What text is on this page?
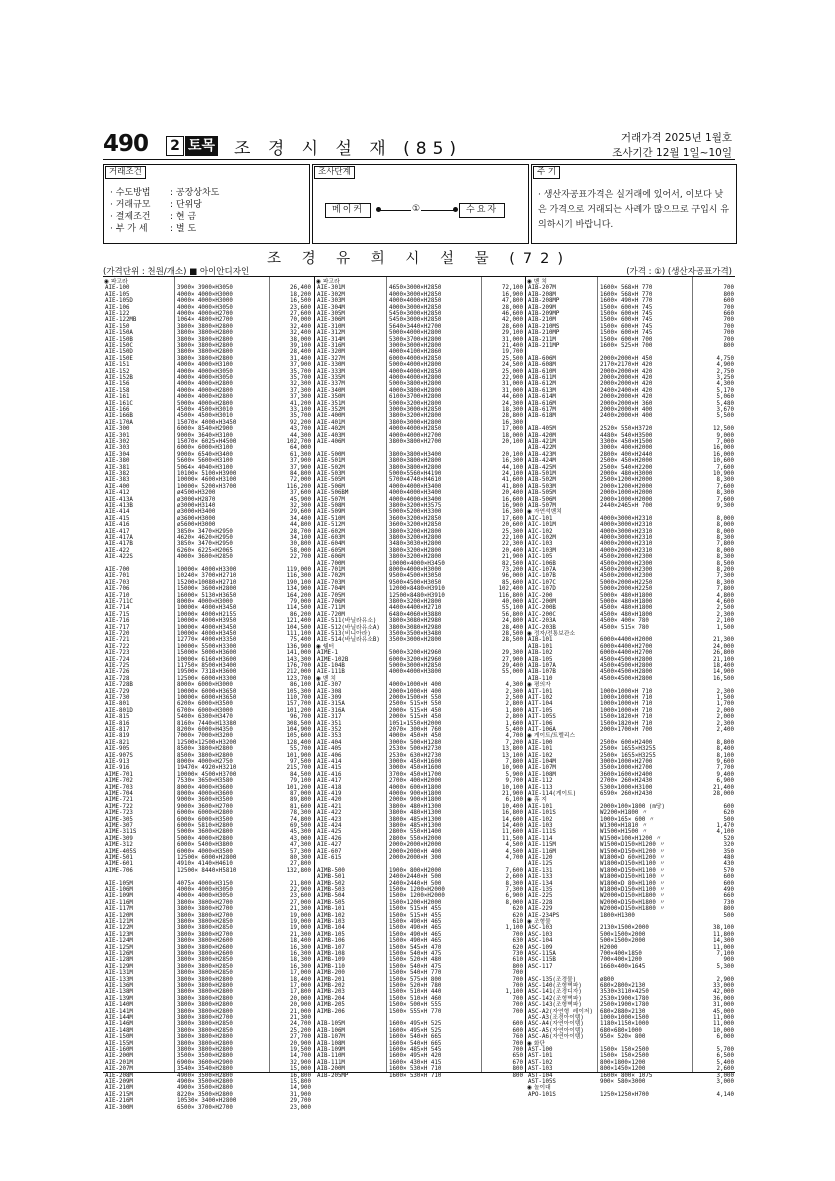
490 2 토목 조 경 시 설 재 (85)
거래가격 2025년 1월호
조사기간 12월 1일~10일
거래조건
· 수도방법 : 공장상차도
· 거래규모 : 단위당
· 결제조건 : 현 금
· 부 가 세 : 별 도
조사단계
메이커	①	수요자
주 기
· 생산자공표가격은 실거래에 있어서, 이보다 낮은 가격으로 거래되는 사례가 많으므로 구입시 유의하시기 바랍니다.
조 경 유 희 시 설 물 (72)
(가격단위 : 천원/개소) ■ 아이안디자인	(가격 : ①) (생산자공표가격)
◉ 파고라
AIE-100	3900× 3900×H3050	26,400
AIE-105	4000× 4000×H3000	18,200
AIE-105D	4000× 4000×H3000	16,500
AIE-106	4000× 4000×H3050	23,600
AIE-122	4000× 4000×H2700	27,600
AIE-122MB	1064× 4800×H2700	70,000
AIE-150	3800× 3800×H2800	32,400
AIE-150A	3800× 3800×H2800	32,400
AIE-150B	3800× 3800×H2800	38,000
AIE-150C	3800× 3800×H2800	39,100
AIE-150D	3800× 3800×H2800	28,400
AIE-150E	3800× 3800×H2800	31,400
AIE-151	4000× 4000×H3100	37,900
AIE-152	4000× 4000×H3050	35,700
AIE-152B	4000× 4000×H3050	35,700
AIE-156	4000× 4000×H2800	32,300
AIE-158	4000× 4000×H2800	37,300
AIE-161	4000× 4000×H2800	37,300
AIE-161C	5000× 4000×H2800	41,200
AIE-166	4500× 4500×H3010	33,100
AIE-166B	4500× 4500×H3010	35,700
AIE-170A	15070× 4000×H3450	92,200
AIE-300	6000× 8540×H2900	43,700
AIE-301	9000× 3640×H3100	44,300
AIE-302	15070× 6025×H4500	102,700
AIE-303	6000× 6000×H3100	64,000
AIE-304	9000× 6540×H3400	61,300
AIE-380	5600× 5600×H3100	37,900
AIE-381	5064× 4040×H3100	37,900
AIE-382	10100× 5100×H3900	84,800
AIE-383	10000× 4600×H3100	72,000
AIE-400	10000× 5200×H3700	116,200
AIE-412	ø4500×H3200	37,600
AIE-413A	ø3000×H2870	45,900
AIE-413B	ø3000×H3140	32,300
AIE-414	ø3000×H3400	29,600
AIE-415	ø3600×H3000	34,400
AIE-416	ø5600×H3000	44,800
AIE-417	3850× 3470×H2950	28,700
AIE-417A	4620× 4620×H2950	34,100
AIE-417B	3850× 3470×H2950	30,800
AIE-422	6260× 6225×H2065	58,000
AIE-422S	4000× 3600×H2850	22,700
AIE-700	10000× 4000×H3300	119,000
AIE-701	10240× 3700×H2710	116,300
AIE-703	15200×10080×H2710	190,100
AIE-706	15000× 3600×H2800	134,900
AIE-710	16000× 5130×H3650	164,200
AIE-711C	8000× 4000×H3000	79,000
AIE-714	10000× 4000×H3450	114,500
AIE-715	10000× 4000×H2155	86,200
AIE-716	10000× 4000×H3950	121,400
AIE-717	10000× 4000×H3450	104,500
AIE-720	10000× 4000×H3450	111,100
AIE-721	12770× 4000×H3350	75,400
AIE-722	10000× 5500×H3300	136,900
AIE-723	15000× 5000×H3600	141,000
AIE-724	10000× 6160×H3600	143,300
AIE-725	11750× 8500×H3400	176,700
AIE-726	19500× 7318×H3600	212,000
AIE-728	12500× 6000×H3300	123,700
AIE-728B	8000× 6000×H3000	86,100
AIE-729	10000× 6000×H3650	105,300
AIE-730	10000× 6000×H3650	110,700
AIE-801	6200× 6000×H3500	157,700
AIE-801D	6700× 6000×H3000	101,200
AIE-815	5400× 6300×H3470	96,700
AIE-816	8160× 7440×H13380	308,500
AIE-817	8200× 6000×H4350	104,900
AIE-819	7000× 7000×H3200	105,600
AIE-821	12500×12500×H3200	128,400
AIE-905	8500× 3800×H2800	55,700
AIE-907S	8500× 3800×H2800	101,900
AIE-913	8000× 4000×H2750	97,500
AIE-916	19470× 4920×H3210	215,700
AIME-701	10000× 4500×H3700	84,500
AIME-702	7530× 3650×H3580	79,100
AIME-703	8000× 4000×H3600	101,200
AIME-704	8000× 4000×H3600	87,000
AIME-721	9000× 3600×H3500	89,800
AIME-722	9000× 3600×H2700	81,600
AIME-723	6000× 6000×H2800	78,300
AIME-305	6000× 6000×H3500	74,800
AIME-307	6000× 5810×H2800	69,500
AIME-311S	5000× 3600×H2800	45,300
AIME-309	5000× 4000×H2800	43,000
AIME-312	6000× 5400×H3800	47,300
AIME-405S	6000× 4000×H3500	57,300
AIME-501	12500× 6000×H2800	80,300
AIME-601	4910× 4140×H4610	27,800
AIME-706	12500× 8440×H5810	132,800
AIE-105M	4075× 4000×H3150	21,800
AIE-106M	4000× 4000×H3050	22,900
AIE-109M	4000× 4000×H3050	23,600
AIE-116M	3800× 3800×H2700	27,000
AIE-117M	3800× 3800×H2700	21,300
AIE-120M	3800× 3800×H2700	19,000
AIE-121M	3800× 3800×H2850	19,000
AIE-122M	3800× 3800×H2850	19,000
AIE-123M	3800× 3800×H2700	21,300
AIE-124M	3800× 3800×H2600	18,400
AIE-125M	3800× 3800×H2600	16,300
AIE-126M	3800× 3800×H2600	16,300
AIE-128M	3800× 3800×H2850	18,300
AIE-129M	3800× 3800×H2850	16,300
AIE-131M	3800× 3800×H2850	17,000
AIE-133M	3800× 3800×H2800	18,400
AIE-136M	3800× 3800×H2800	17,000
AIE-138M	3800× 3800×H2800	17,800
AIE-139M	3800× 3800×H2800	20,000
AIE-140M	3800× 3800×H2800	20,900
AIE-141M	3800× 3800×H2800	21,000
AIE-144M	3800× 3800×H2700	21,300
AIE-146M	3800× 3800×H2850	24,700
AIE-148M	3800× 3800×H2850	25,200
AIE-150M	3800× 3800×H2800	27,700
AIE-155M	3800× 3800×H2800	20,900
AIE-160M	3800× 3800×H2800	19,500
AIE-200M	3500× 3500×H2800	14,700
AIE-201M	6900× 3600×H2900	32,900
AIE-207M	3540× 3540×H2800	15,000
AIE-208M	4900× 3500×H2800	16,800
AIE-209M	4900× 3500×H2800	15,800
AIE-210M	4900× 3500×H2800	14,900
AIE-215M	8220× 3500×H2800	31,900
AIE-216M	10530× 3400×H2800	29,700
AIE-300M	6500× 3700×H2700	23,000
◉ 파고라
AIE-301M	4650×3000×H2850	72,100
AIE-302M	4000×3000×H2850	16,900
AIE-303M	4000×4000×H2850	47,800
AIE-304M	4000×3000×H2850	28,000
AIE-305M	5450×3000×H2850	46,600
AIE-306M	5450×3000×H2850	42,000
AIE-310M	5640×3440×H2700	28,600
AIE-312M	5000×4000×H2800	29,100
AIE-314M	5300×3700×H2800	31,000
AIE-316M	3000×3000×H2800	21,400
AIE-320M	4000×4100×H2860	19,700
AIE-327M	6000×4000×H2850	25,500
AIE-330M	5000×4000×H2800	24,500
AIE-333M	4000×4000×H2850	25,000
AIE-335M	4000×4000×H2800	22,900
AIE-337M	5000×3800×H2800	31,000
AIE-340M	4000×3800×H2800	31,000
AIE-350M	6100×3700×H2800	44,600
AIE-351M	5000×3200×H2800	24,300
AIE-352M	3000×3000×H2850	18,300
AIE-400M	3800×3200×H2800	28,800
AIE-401M	3800×3000×H2800	16,300
AIE-402M	4000×4000×H2850	17,000
AIE-403M	4000×4000×H2700	18,000
AIE-406M	3800×3800×H2700	20,100
AIE-500M	3800×3800×H3400	20,100
AIE-501M	3800×3800×H2800	16,300
AIE-502M	3800×3800×H2800	44,100
AIE-503M	5000×5560×H4190	24,100
AIE-505M	5700×4740×H4610	41,600
AIE-506M	4000×4000×H3400	41,800
AIE-506BM	4000×4000×H3400	20,400
AIE-507M	4000×4000×H3400	16,600
AIE-508M	3800×3200×H3575	16,900
AIE-509M	5000×5200×H3300	16,300
AIE-510M	3600×3200×H2850	17,600
AIE-512M	3600×3200×H2850	20,600
AIE-602M	3800×3200×H2800	25,300
AIE-603M	3800×3200×H2800	22,100
AIE-604M	3480×3030×H2800	22,300
AIE-605M	3800×3200×H2800	20,400
AIE-606M	3800×3200×H2800	21,900
AIE-700M	10000×4000×H3450	82,500
AIE-701M	8000×4000×H3000	73,200
AIE-702M	9500×4500×H3050	96,000
AIE-703M	9500×4500×H3050	85,600
AIE-704M	12000×8480×H3910	102,400
AIE-705M	12500×8480×H3910	116,800
AIE-706M	3800×3200×H2800	40,000
AIE-711M	4400×4400×H2710	55,100
AIE-720M	6480×4060×H3880	56,800
AIE-511(바닐라유소) 3800×3080×H2980	24,800
AIE-512(바닐라유소A) 3800×3080×H2980	28,400
AIE-513(비니아라)	3500×3500×H3480	28,500
AIE-514(바닐라유소B) 3500×3000×H2800	28,500
◉ 쉘터
AIME-1	5000×3200×H2960	29,300
AIME-102B	6000×3200×H2960	27,900
AIE-104B	5000×3000×H2850	29,400
AIE-111B	4000×4000×H3800	55,000
◉ 벤 치
AIE-307	4000×1000×H 400	4,300
AIE-308	2000×1000×H 400	2,300
AIE-309	2000×1500×H 550	2,500
AIE-315A	2500× 515×H 550	2,800
AIE-316A	2000× 515×H 450	1,800
AIE-317	2000× 515×H 450	2,800
AIE-351	1051×1550×H2000	1,600
AIE-352	2070× 300×H 760	5,400
AIE-353	4000× 450×H 450	4,700
AIE-404	3000× 500×H1280	7,200
AIE-405	2530× 500×H2730	13,800
AIE-406	2530× 630×H2730	13,100
AIE-414	3000× 450×H1600	7,800
AIE-415	3000× 450×H1600	10,900
AIE-416	3700× 450×H1700	5,900
AIE-417	2700× 400×H2000	9,700
AIE-418	4000× 600×H1800	10,100
AIE-419	4000× 900×H1800	21,900
AIE-420	2000× 900×H1800	6,100
AIE-421	3800× 480×H1300	10,400
AIE-422	3800× 480×H1300	16,800
AIE-423	3800× 485×H1300	14,600
AIE-424	3800× 485×H1300	14,400
AIE-425	2800× 550×H1400	11,600
AIE-426	2800× 550×H2000	11,500
AIE-427	2000×2000×H2000	4,500
AIE-607	2000×2000×H 400	4,500
AIE-615	2000×2000×H 300	4,700
AIMB-500	1900× 800×H2000	7,600
AIMB-501	2400×2440×H 500	2,600
AIMB-502	2400×2440×H 500	8,300
AIMB-503	1500× 1200×H2000	7,300
AIMB-504	1500× 1200×H2000	6,900
AIMB-505	1500×1200×H2000	8,000
AIMB-101	1500× 515×H 455	620
AIMB-102	1500× 515×H 455	620
AIMB-103	1500× 490×H 465	610
AIMB-104	1500× 490×H 465	1,100
AIMB-105	1500× 490×H 465	700
AIMB-106	1500× 490×H 465	630
AIMB-107	1500× 545×H 470	620
AIMB-108	1500× 540×H 475	730
AIMB-109	1500× 520×H 480	610
AIMB-110	1500× 540×H 475	800
AIMB-200	1500× 540×H 770	700
AIMB-201	1500× 575×H 800	700
AIMB-202	1500× 520×H 780	700
AIMB-203	1500× 510×H 440	1,100
AIMB-204	1500× 510×H 460	700
AIMB-205	1500× 500×H 555	700
AIMB-206	1500× 555×H 770	700
AIB-105M	1600× 495×H 525	600
AIB-106M	1600× 495×H 525	600
AIB-107M	1600× 540×H 665	760
AIB-108M	1600× 540×H 665	700
AIB-109M	1600× 485×H 545	700
AIB-110M	1600× 495×H 420	650
AIB-111M	1600× 430×H 415	670
AIB-200M	1600× 530×H 710	800
AIB-205MP	1600× 530×H 710	800
◉ 벤 치
AIB-207M	1600× 568×H 770	700
AIB-208M	1600× 568×H 770	800
AIB-208MP	1600× 490×H 770	600
AIB-209M	1500× 600×H 745	700
AIB-209MP	1500× 600×H 745	660
AIB-210M	1500× 600×H 745	700
AIB-210MS	1500× 600×H 745	700
AIB-210MP	1500× 600×H 745	700
AIB-211M	1500× 600×H 700	700
AIB-211MP	1600× 525×H 700	800
AIB-606M	2000×2000×H 450	4,750
AIB-608M	2170×2170×H 420	4,900
AIB-610M	2000×2000×H 420	2,750
AIB-611M	2000×2000×H 420	3,250
AIB-612M	2000×2000×H 420	4,300
AIB-613M	2400×2400×H 420	5,170
AIB-614M	2000×2000×H 420	5,060
AIB-616M	2000×2000×H 360	5,480
AIB-617M	2000×2000×H 400	3,670
AIB-618M	2400×2000×H 400	5,500
AIB-405M	2520× 550×H3720	12,500
AIB-420M	4480× 540×H3500	9,000
AIB-421M	3300× 450×H1500	7,000
AIB-422M	3000× 400×H2000	16,000
AIB-423M	2800× 400×H2440	16,000
AIB-424M	2500× 450×H2000	10,600
AIB-425M	2500× 540×H2200	7,600
AIB-501M	2000× 480×H3000	10,900
AIB-502M	2500×1200×H2000	8,300
AIB-503M	2000×1200×H2000	7,600
AIB-505M	2000×1000×H2000	8,300
AIB-506M	2000×1000×H2000	7,600
AIB-507M	2440×2465×H 700	9,300
◉ 자연석벤치
AIC-101	4000×3000×H2310	8,000
AIC-101M	4000×3000×H2310	8,000
AIC-102	4000×3000×H2310	8,000
AIC-102M	4000×3000×H2310	8,300
AIC-103	4000×2000×H2310	7,800
AIC-103M	4000×2000×H2310	8,000
AIC-105	4500×2000×H2300	8,300
AIC-106B	4500×2000×H2300	8,500
AIC-107A	4500×2000×H2300	8,200
AIC-107B	4500×2000×H2300	7,300
AIC-107C	5000×2000×H2250	8,300
AIC-107D	5000×2000×H2250	7,800
AIC-200	5000× 480×H1800	4,800
AIC-200M	5000× 480×H1800	4,600
AIC-200B	4500× 480×H1800	2,500
AIC-200C	4500× 480×H1800	2,300
AIC-203A	4500× 400× 780	2,100
AIC-203B	4500× 515× 780	1,500
◉ 정자/전통보관소
AIB-101	6000×4400×H2000	21,300
AIB-101	6000×4400×H2700	24,000
AIB-102	6000×4400×H2700	26,800
AIB-105	4500×4500×H2800	21,100
AIB-107A	4500×4500×H2800	18,400
AIB-107B	4500×4500×H2800	14,900
AIB-110	4500×4500×H2800	16,500
◉ 평의자
AIT-101	1000×1000×H 710	2,300
AIT-102	1000×1000×H 710	1,500
AIT-104	1000×1000×H 710	1,700
AIT-105	1000×1000×H 710	2,000
AIT-105S	1500×1820×H 710	2,000
AIT-106	1500×1820×H 710	2,300
AIT-106A	2000×1700×H 700	2,400
◉ 게이트/트렐리스
AIE-100	2500× 600×H2400	8,800
AIE-101	2500× 1655×H3255	8,400
AIE-102	2500× 1655×H3255	8,100
AIE-104M	3000×1000×H2700	9,600
AIE-107M	3500×1000×H2700	7,700
AIE-108M	3600×1600×H2400	9,400
AIE-112	2700× 260×H2430	6,900
AIE-113	5300×1000×H3100	21,400
AIE-114(게이트)	6590× 260×H2430	28,000
◉ 휴 지
AIE-101	2000×100×1800 (m당)	600
AIE-101S	W2200×H1800 〃	620
AIE-102	1000×165× 600 〃	500
AIE-103	W1300×H1810 〃	1,470
AIE-111S	W1500×H1500 〃	4,100
AIE-114	W1500×100×H1200 〃	520
AIE-115M	W1500×D150×H1200 〃	320
AIE-116M	W1500×D150×H1200 〃	350
AIE-120	W1800×D 60×H1200 〃	480
AIE-125	W1800×D150×H1100 〃	430
AIE-131	W1800×D150×H1100 〃	570
AIE-133	W1800×D150×H1100 〃	600
AIE-134	W1800×D 80×H1100 〃	600
AIE-135	W1800×D150×H1100 〃	490
AIE-225	W2000×D150×H1800 〃	660
AIE-228	W2000×D150×H1800 〃	730
AIE-229	W2000×D150×H1800 〃	800
AIE-234PS	1800×H1300	500
◉ 조형물
ASC-103	2130×1500×2000	38,100
ASC-103	500×1500×2000	11,800
ASC-104	500×1500×2000	14,300
ASC-109	H2000	11,000
ASC-115A	700×400×1850	7,100
ASC-115B	700×400×1200	900
ASC-117	1660×400×1645	5,300
ASC-135(조경물)	ø800	2,900
ASC-140(조형벽파)	680×2800×2130	33,000
ASC-141(조경디자)	3530×3110×4250	42,000
ASC-142(조형벽파)	2530×1900×1780	36,000
ASC-143(조형벽파)	2500×1900×1780	31,000
ASC-A2(자연형 레이저) 680×2880×2130	45,000
ASC-A3(조경아이템)	1000×1000×1500	11,000
ASC-A4(자연아이템)	1180×1150×1000	11,000
ASC-A5(자연아이템)	680×680×1000	10,000
ASC-A6(자연아이템)	950× 520× 800	6,000
◉ 화단
AST-100	1500× 150×2500	5,700
AST-101	1500× 150×2500	6,500
AST-102	800×1800×1200	5,400
AST-103	800×1450×1200	2,600
AST-104	1600× 800× 1075	3,000
AST-105S	900× 580×3000	3,000
◉ 놀이대
APO-101S	1250×1250×H700	4,140
